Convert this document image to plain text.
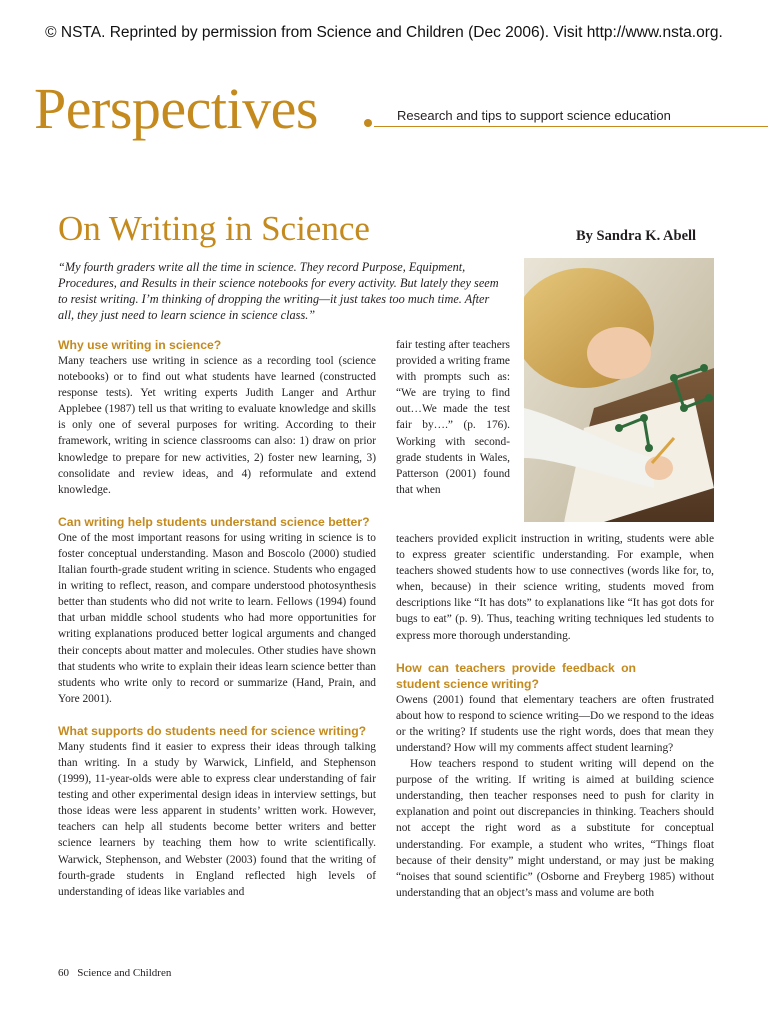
© NSTA. Reprinted by permission from Science and Children (Dec 2006). Visit http://www.nsta.org.
Perspectives	Research and tips to support science education
On Writing in Science	By Sandra K. Abell
“My fourth graders write all the time in science. They record Purpose, Equipment, Procedures, and Results in their science notebooks for every activity. But lately they seem to resist writing. I’m thinking of dropping the writing—it just takes too much time. After all, they just need to learn science in science class.”
Why use writing in science?

Many teachers use writing in science as a recording tool (science notebooks) or to find out what students have learned (constructed response tests). Yet writing experts Judith Langer and Arthur Applebee (1987) tell us that writing to evaluate knowledge and skills is only one of several purposes for writing. According to their framework, writing in science classrooms can also: 1) draw on prior knowledge to prepare for new activities, 2) foster new learning, 3) consolidate and review ideas, and 4) reformulate and extend knowledge.

Can writing help students understand science better?

One of the most important reasons for using writing in science is to foster conceptual understanding. Mason and Boscolo (2000) studied Italian fourth-grade student writing in science. Students who engaged in writing to reflect, reason, and compare understood photosynthesis better than students who did not write to learn. Fellows (1994) found that urban middle school students who had more opportunities for writing explanations produced better logical arguments and changed their concepts about matter and molecules. Other studies have shown that students who write to explain their ideas learn science better than students who write only to record or summarize (Hand, Prain, and Yore 2001).

What supports do students need for science writing?

Many students find it easier to express their ideas through talking than writing. In a study by Warwick, Linfield, and Stephenson (1999), 11-year-olds were able to express clear understanding of fair testing and other experimental design ideas in interview settings, but those ideas were less apparent in students’ written work. However, teachers can help all students become better writers and better science learners by teaching them how to write scientifically. Warwick, Stephenson, and Webster (2003) found that the writing of fourth-grade students in England reflected high levels of understanding of ideas like variables and

fair testing after teachers provided a writing frame with prompts such as: “We are trying to find out…We made the test fair by….” (p. 176). Working with second-grade students in Wales, Patterson (2001) found that when

teachers provided explicit instruction in writing, students were able to express greater scientific understanding. For example, when teachers showed students how to use connectives (words like for, to, when, because) in their science writing, students moved from descriptions like “It has dots” to explanations like “It has got dots for bugs to eat” (p. 9). Thus, teaching writing techniques led students to express more thorough understanding.

How can teachers provide feedback on student science writing?

Owens (2001) found that elementary teachers are often frustrated about how to respond to science writing—Do we respond to the ideas or the writing? If students use the right words, does that mean they understand? How will my comments affect student learning?

How teachers respond to student writing will depend on the purpose of the writing. If writing is aimed at building science understanding, then teacher responses need to push for clarity in explanation and point out discrepancies in thinking. Teachers should not accept the right word as a substitute for conceptual understanding. For example, a student who writes, “Things float because of their density” might understand, or may just be making “noises that sound scientific” (Osborne and Freyberg 1985) without understanding that an object’s mass and volume are both

60   Science and Children
